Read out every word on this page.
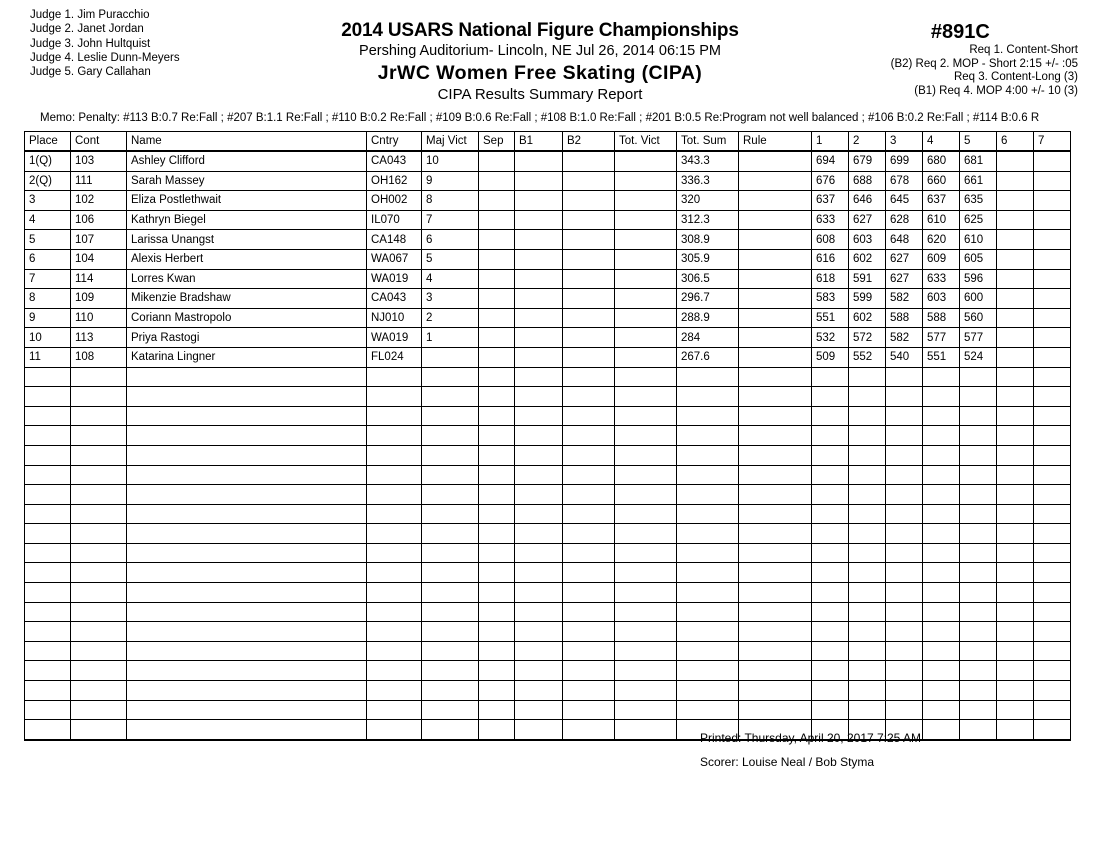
Judge 1. Jim Puracchio
Judge 2. Janet Jordan
Judge 3. John Hultquist
Judge 4. Leslie Dunn-Meyers
Judge 5. Gary Callahan
2014 USARS National Figure Championships
Pershing Auditorium- Lincoln, NE Jul 26, 2014 06:15 PM
JrWC Women Free Skating (CIPA)
CIPA Results Summary Report
#891C
Req 1. Content-Short
(B2) Req 2. MOP - Short 2:15 +/- :05
Req 3. Content-Long (3)
(B1) Req 4. MOP 4:00 +/- 10 (3)
Memo: Penalty: #113 B:0.7 Re:Fall ; #207 B:1.1 Re:Fall ; #110 B:0.2 Re:Fall ; #109 B:0.6 Re:Fall ; #108 B:1.0 Re:Fall ; #201 B:0.5 Re:Program not well balanced ; #106 B:0.2 Re:Fall ; #114 B:0.6 R
Place	Cont	Name	Cntry	Maj Vict	Sep	B1	B2	Tot. Vict	Tot. Sum	Rule	1	2	3	4	5	6	7
1(Q)	103	Ashley Clifford	CA043	10					343.3		694	679	699	680	681		
2(Q)	111	Sarah Massey	OH162	9					336.3		676	688	678	660	661		
3	102	Eliza Postlethwait	OH002	8					320		637	646	645	637	635		
4	106	Kathryn Biegel	IL070	7					312.3		633	627	628	610	625		
5	107	Larissa Unangst	CA148	6					308.9		608	603	648	620	610		
6	104	Alexis Herbert	WA067	5					305.9		616	602	627	609	605		
7	114	Lorres Kwan	WA019	4					306.5		618	591	627	633	596		
8	109	Mikenzie Bradshaw	CA043	3					296.7		583	599	582	603	600		
9	110	Coriann Mastropolo	NJ010	2					288.9		551	602	588	588	560		
10	113	Priya Rastogi	WA019	1					284		532	572	582	577	577		
11	108	Katarina Lingner	FL024						267.6		509	552	540	551	524		

Printed: Thursday, April 20, 2017 7:25 AM
Scorer: Louise Neal / Bob Styma
